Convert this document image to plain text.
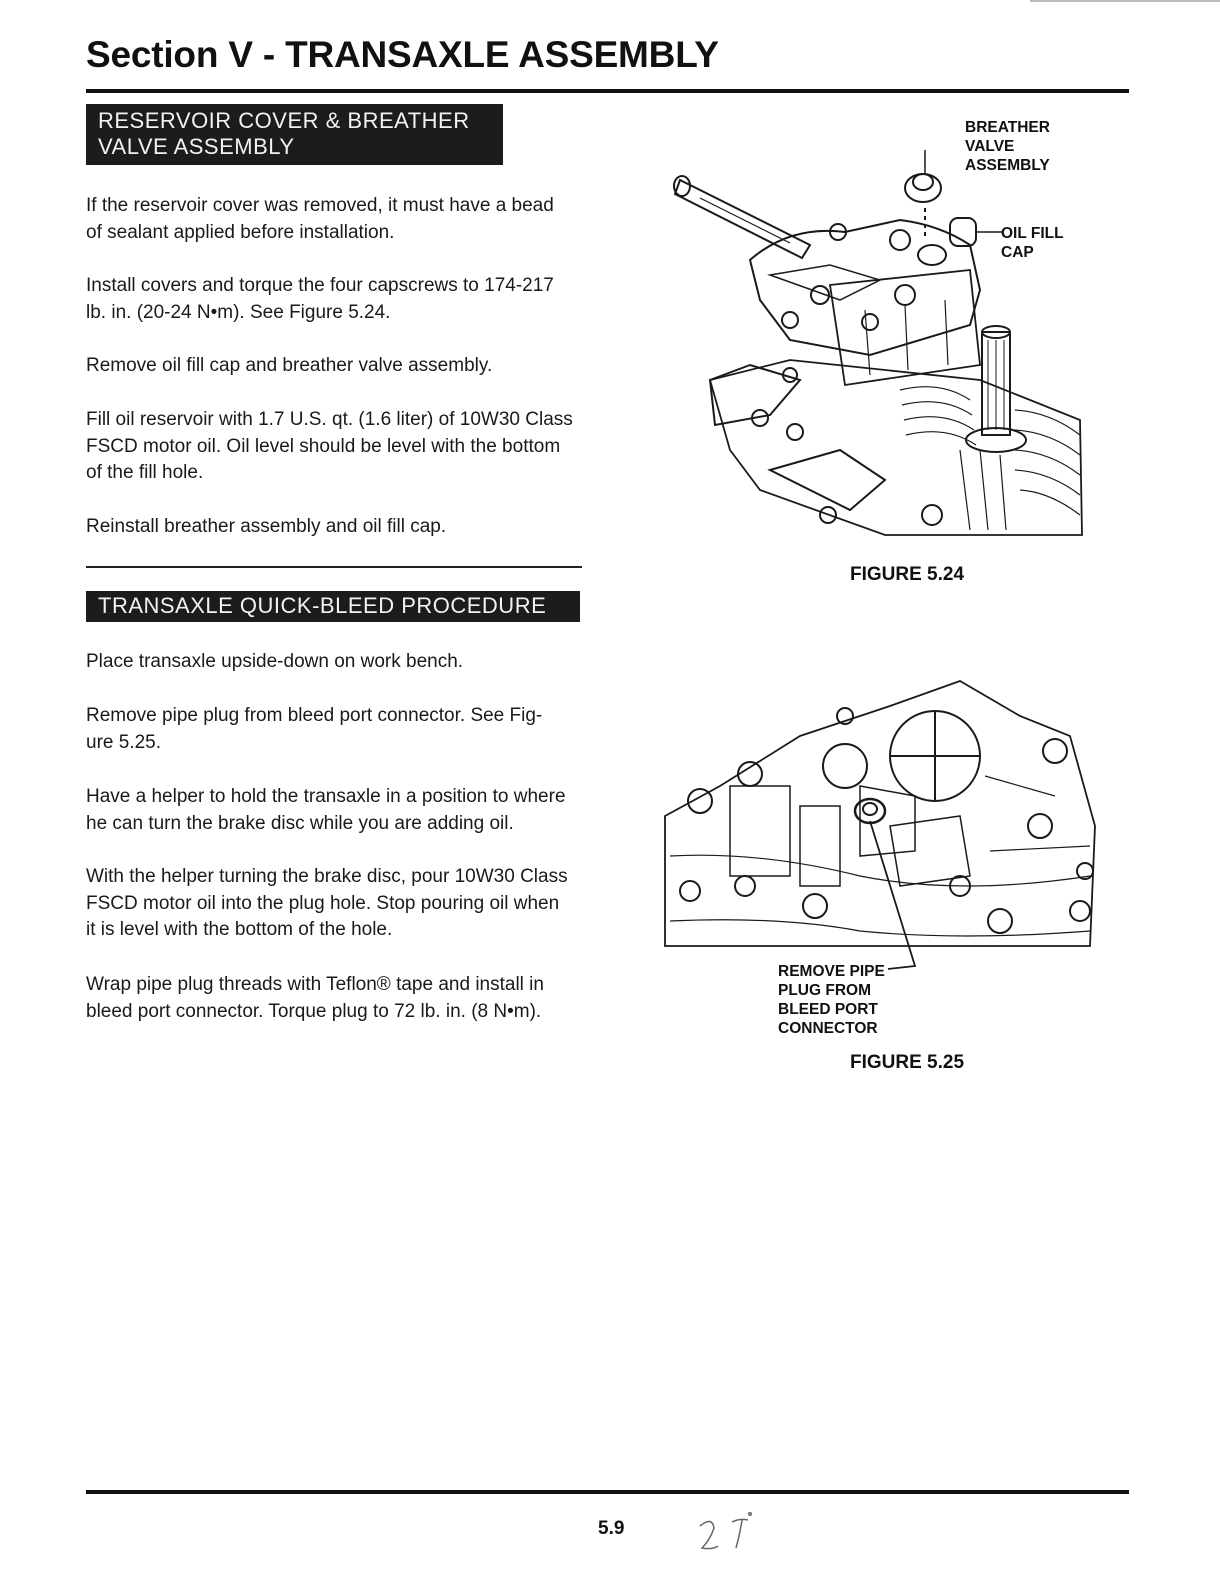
Section V - TRANSAXLE ASSEMBLY
RESERVOIR COVER & BREATHER
VALVE ASSEMBLY

If the reservoir cover was removed, it must have a bead

of sealant applied before installation.

Install covers and torque the four capscrews to 174-217

lb. in. (20-24 N•m). See Figure 5.24.

Remove oil fill cap and breather valve assembly.

Fill oil reservoir with 1.7 U.S. qt. (1.6 liter) of 10W30 Class

FSCD motor oil. Oil level should be level with the bottom

of the fill hole.

Reinstall breather assembly and oil fill cap.

TRANSAXLE QUICK-BLEED PROCEDURE

Place transaxle upside-down on work bench.

Remove pipe plug from bleed port connector. See Fig-

ure 5.25.

Have a helper to hold the transaxle in a position to where

he can turn the brake disc while you are adding oil.

With the helper turning the brake disc, pour 10W30 Class

FSCD motor oil into the plug hole. Stop pouring oil when

it is level with the bottom of the hole.

Wrap pipe plug threads with Teflon® tape and install in

bleed port connector. Torque plug to 72 lb. in. (8 N•m).

BREATHER
VALVE
ASSEMBLY
OIL FILL
CAP
FIGURE 5.24
REMOVE PIPE
PLUG FROM
BLEED PORT
CONNECTOR
FIGURE 5.25
5.9
